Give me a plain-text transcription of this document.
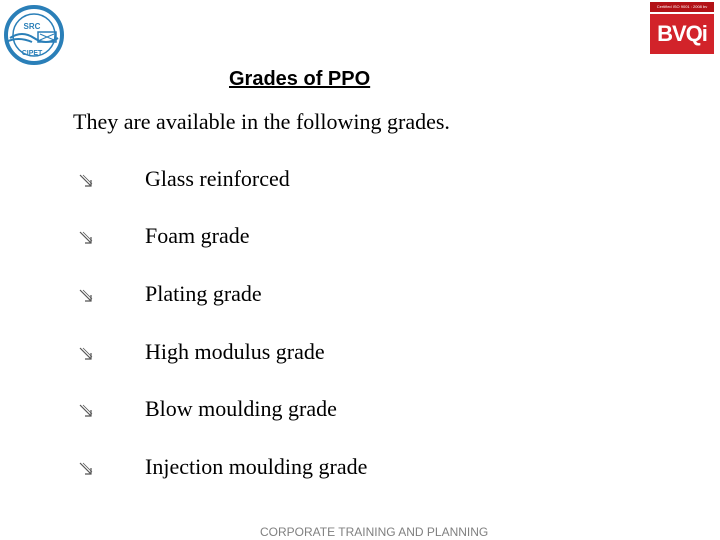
SRC
CIPET
Certified ISO 9001 : 2008 bv
BVQi
Grades of PPO
They are available in the following grades.
Glass reinforced
Foam grade
Plating grade
High modulus grade
Blow moulding grade
Injection moulding grade
CORPORATE TRAINING AND PLANNING
